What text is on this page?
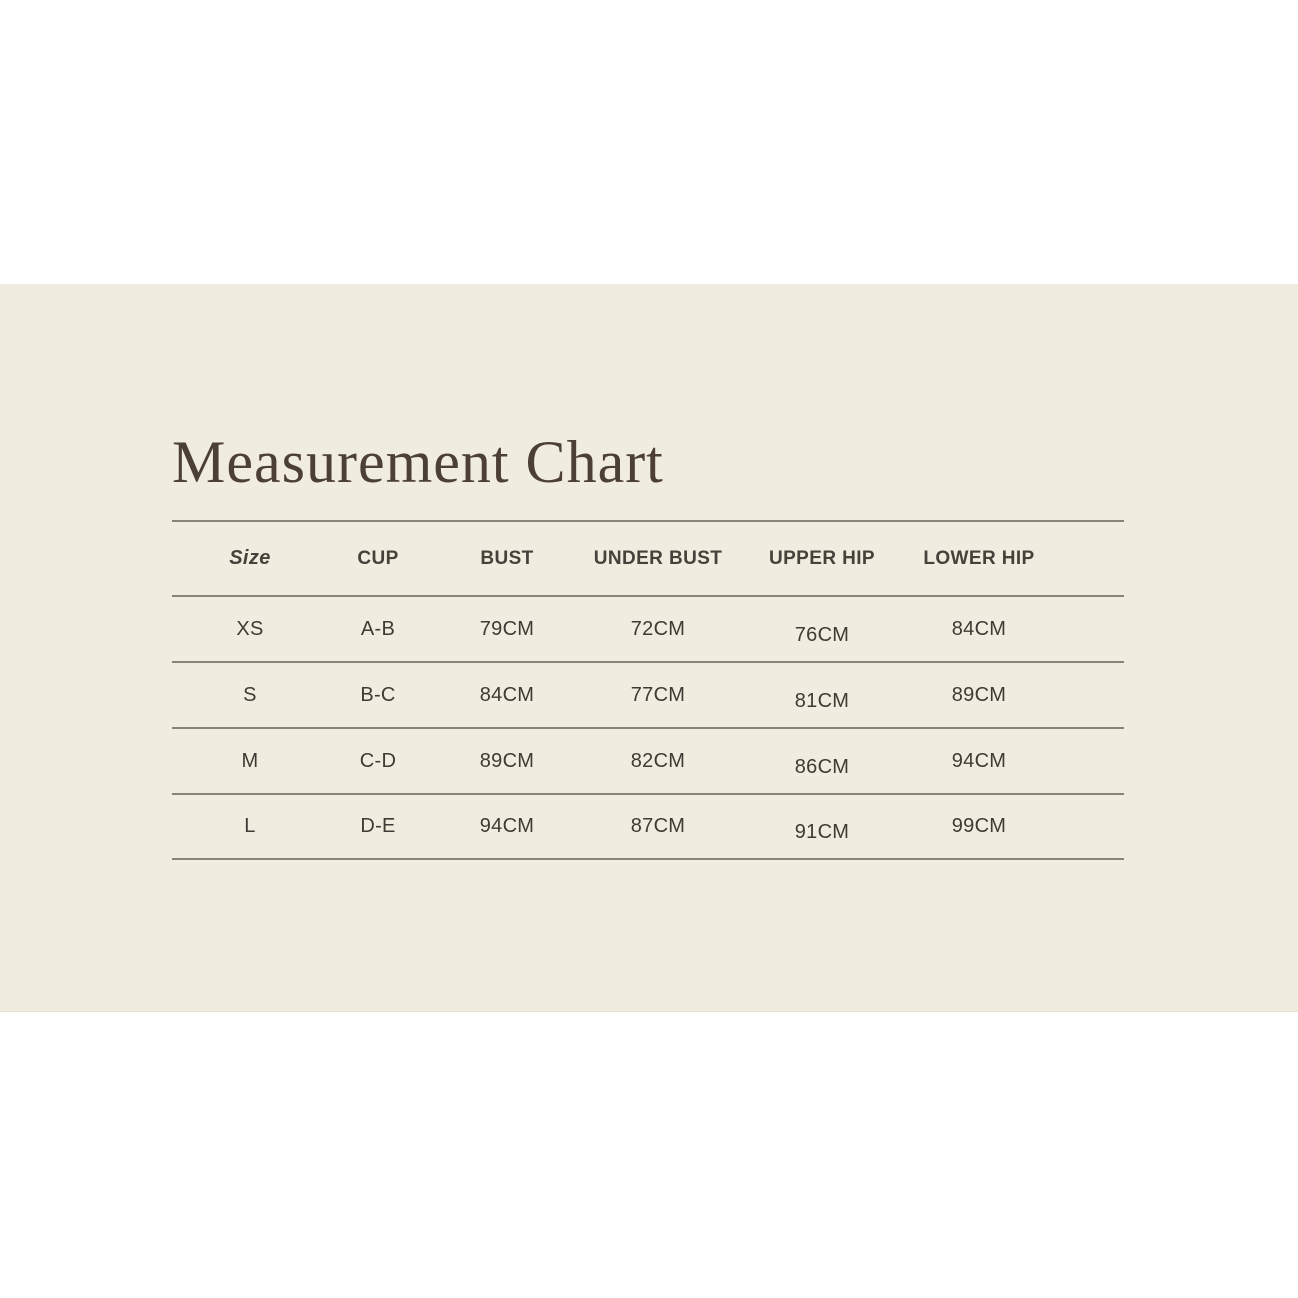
Measurement Chart
Size	CUP	BUST	UNDER BUST	UPPER HIP	LOWER HIP
XS	A-B	79CM	72CM	76CM	84CM
S	B-C	84CM	77CM	81CM	89CM
M	C-D	89CM	82CM	86CM	94CM
L	D-E	94CM	87CM	91CM	99CM
